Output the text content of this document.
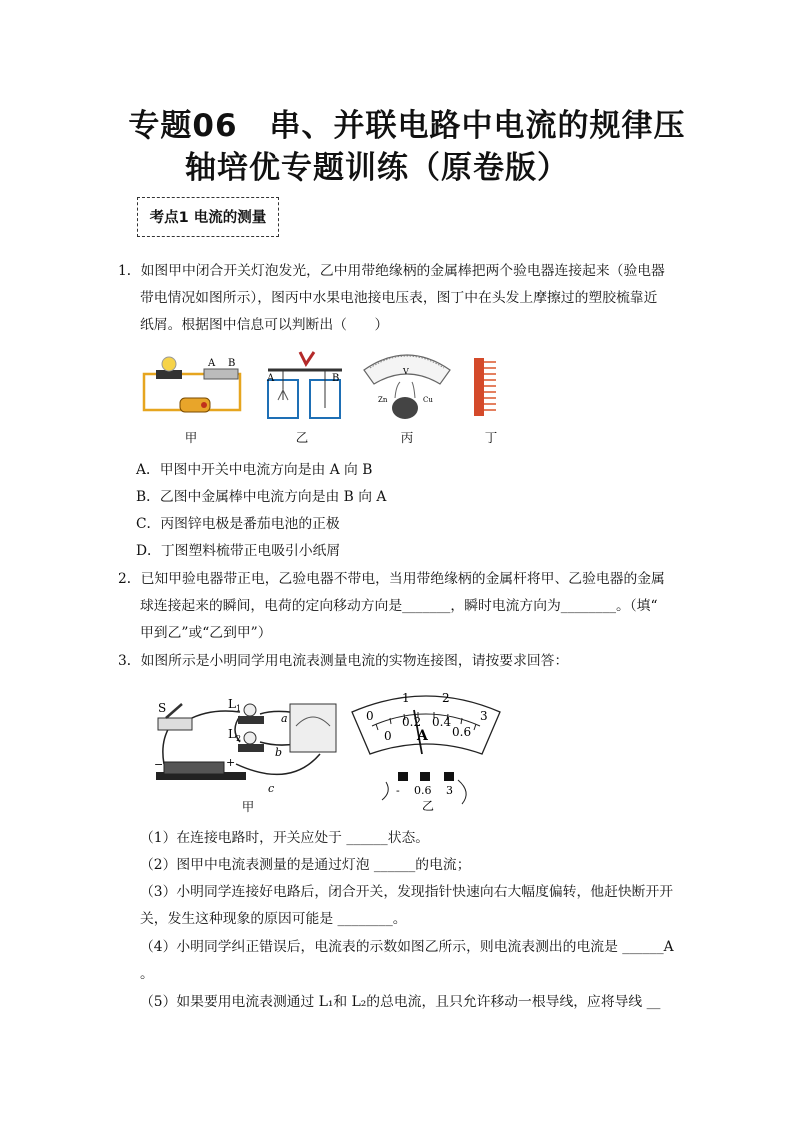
专题06　串、并联电路中电流的规律压
轴培优专题训练（原卷版）
考点1 电流的测量
1．如图甲中闭合开关灯泡发光，乙中用带绝缘柄的金属棒把两个验电器连接起来（验电器
带电情况如图所示），图丙中水果电池接电压表，图丁中在头发上摩擦过的塑胶梳靠近
纸屑。根据图中信息可以判断出（　　）
A B
甲
A	B
乙
V
Zn	Cu
丙	丁
A．甲图中开关中电流方向是由 A 向 B
B．乙图中金属棒中电流方向是由 B 向 A
C．丙图锌电极是番茄电池的正极
D．丁图塑料梳带正电吸引小纸屑
2．已知甲验电器带正电，乙验电器不带电，当用带绝缘柄的金属杆将甲、乙验电器的金属
球连接起来的瞬间，电荷的定向移动方向是_______，瞬时电流方向为________。（填“
甲到乙”或“乙到甲”）
3．如图所示是小明同学用电流表测量电流的实物连接图，请按要求回答：
S	$L_1$
$L_2$
a
b
c
−	+
甲
0
1	2
3
0
0.2 0.4
0.6
A
- 0.6 3
乙
（1）在连接电路时，开关应处于 ______状态。
（2）图甲中电流表测量的是通过灯泡 ______的电流；
（3）小明同学连接好电路后，闭合开关，发现指针快速向右大幅度偏转，他赶快断开开
关，发生这种现象的原因可能是 ________。
（4）小明同学纠正错误后，电流表的示数如图乙所示，则电流表测出的电流是 ______A
。
（5）如果要用电流表测通过 L₁和 L₂的总电流，且只允许移动一根导线，应将导线 __
